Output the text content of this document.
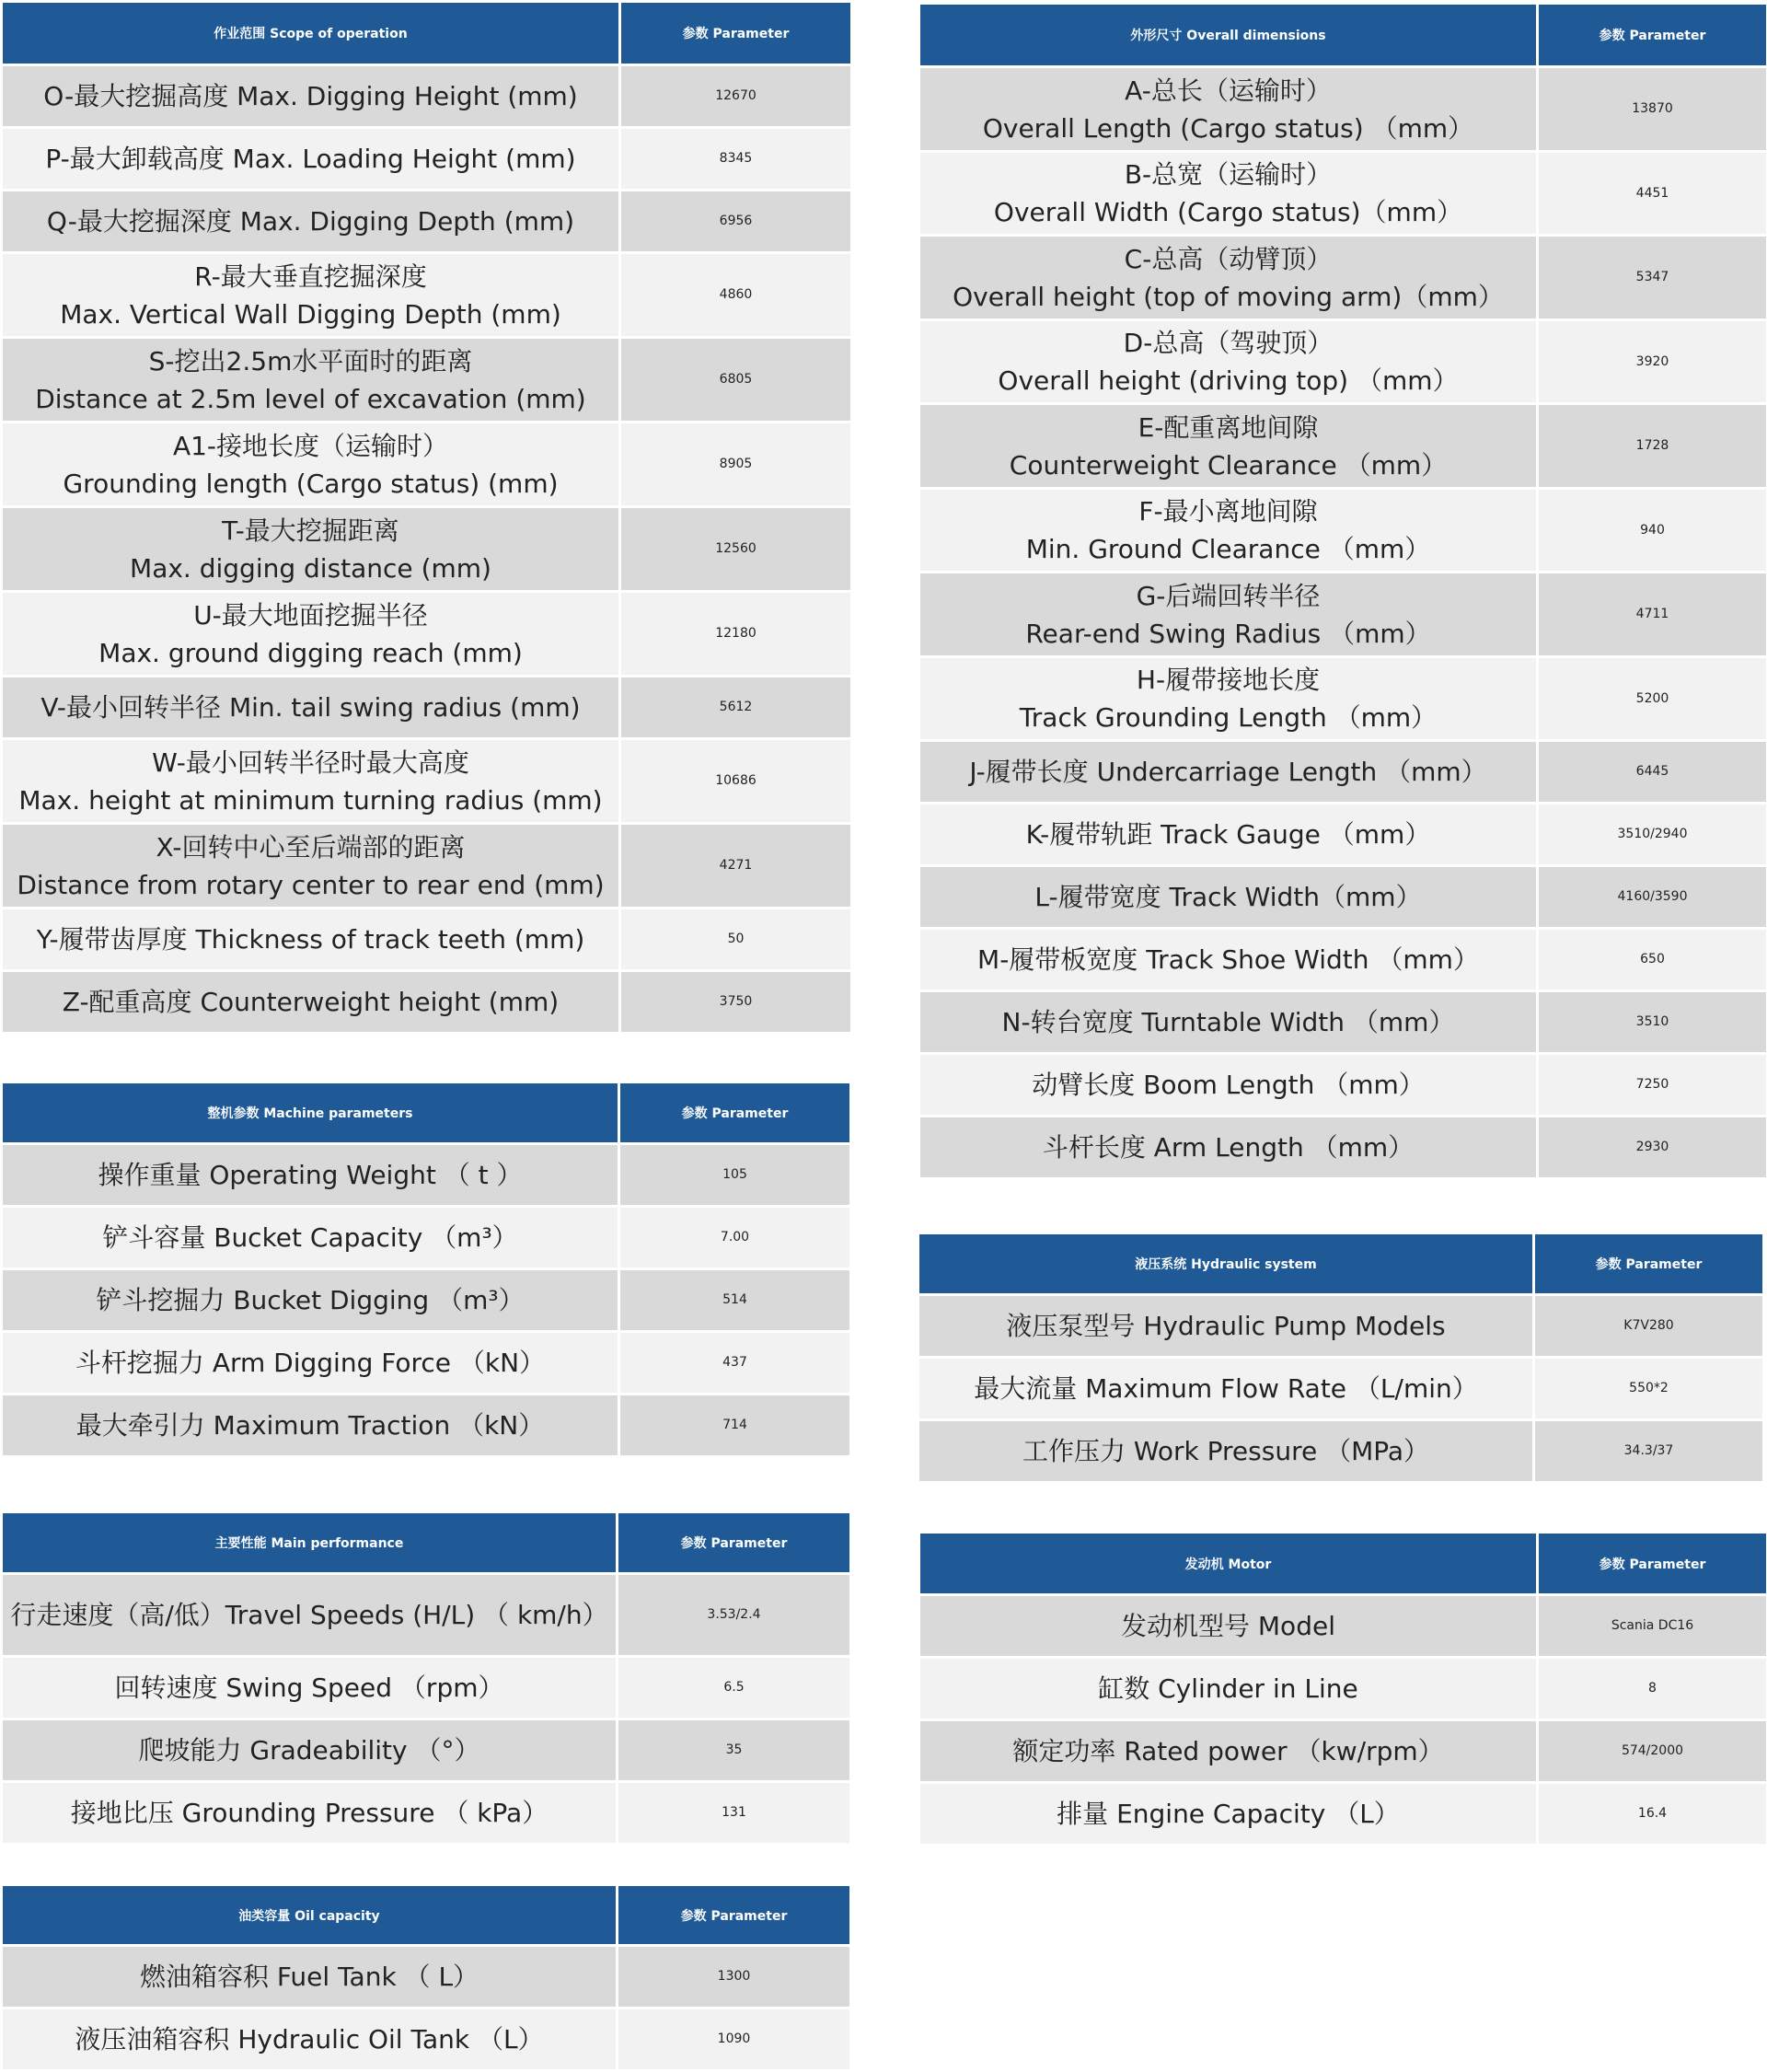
作业范围 Scope of operation	参数 Parameter

O-最大挖掘高度 Max. Digging Height (mm)	12670

P-最大卸载高度 Max. Loading Height (mm)	8345

Q-最大挖掘深度 Max. Digging Depth (mm)	6956

R-最大垂直挖掘深度
Max. Vertical Wall Digging Depth (mm)	4860

S-挖出2.5m水平面时的距离
Distance at 2.5m level of excavation (mm)	6805

A1-接地长度（运输时）
Grounding length (Cargo status) (mm)	8905

T-最大挖掘距离
Max. digging distance (mm)	12560

U-最大地面挖掘半径
Max. ground digging reach (mm)	12180

V-最小回转半径 Min. tail swing radius (mm)	5612

W-最小回转半径时最大高度
Max. height at minimum turning radius (mm)	10686

X-回转中心至后端部的距离
Distance from rotary center to rear end (mm)	4271

Y-履带齿厚度 Thickness of track teeth (mm)	50

Z-配重高度 Counterweight height (mm)	3750
整机参数 Machine parameters	参数 Parameter

操作重量 Operating Weight （ t ）	105

铲斗容量 Bucket Capacity （m³）	7.00

铲斗挖掘力 Bucket Digging （m³）	514

斗杆挖掘力 Arm Digging Force （kN）	437

最大牵引力 Maximum Traction （kN）	714
主要性能 Main performance	参数 Parameter

行走速度（高/低）Travel Speeds (H/L) （ km/h）	3.53/2.4

回转速度 Swing Speed （rpm）	6.5

爬坡能力 Gradeability （°）	35

接地比压 Grounding Pressure （ kPa）	131
油类容量 Oil capacity	参数 Parameter

燃油箱容积 Fuel Tank （ L）	1300

液压油箱容积 Hydraulic Oil Tank （L）	1090
外形尺寸 Overall dimensions	参数 Parameter

A-总长（运输时）
Overall Length (Cargo status) （mm）	13870

B-总宽（运输时）
Overall Width (Cargo status)（mm）	4451

C-总高（动臂顶）
Overall height (top of moving arm)（mm）	5347

D-总高（驾驶顶）
Overall height (driving top) （mm）	3920

E-配重离地间隙
Counterweight Clearance （mm）	1728

F-最小离地间隙
Min. Ground Clearance （mm）	940

G-后端回转半径
Rear-end Swing Radius （mm）	4711

H-履带接地长度
Track Grounding Length （mm）	5200

J-履带长度 Undercarriage Length （mm）	6445

K-履带轨距 Track Gauge （mm）	3510/2940

L-履带宽度 Track Width（mm）	4160/3590

M-履带板宽度 Track Shoe Width （mm）	650

N-转台宽度 Turntable Width （mm）	3510

动臂长度 Boom Length （mm）	7250

斗杆长度 Arm Length （mm）	2930
液压系统 Hydraulic system	参数 Parameter

液压泵型号 Hydraulic Pump Models	K7V280

最大流量 Maximum Flow Rate （L/min）	550*2

工作压力 Work Pressure （MPa）	34.3/37
发动机 Motor	参数 Parameter

发动机型号 Model	Scania DC16

缸数 Cylinder in Line	8

额定功率 Rated power （kw/rpm）	574/2000

排量 Engine Capacity （L）	16.4
